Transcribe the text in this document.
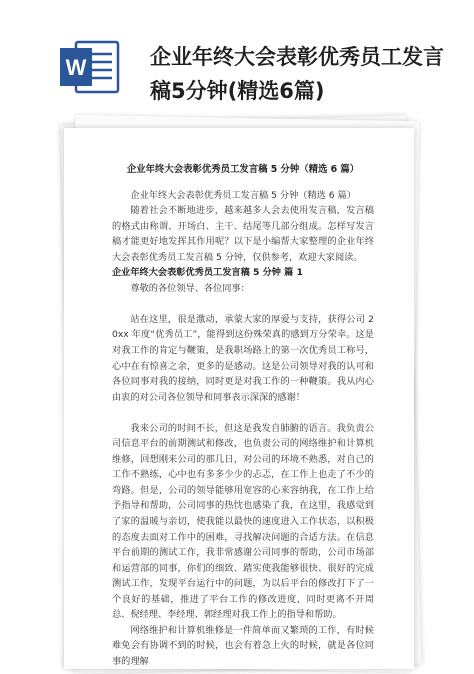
W	企业年终大会表彰优秀员工发言稿5分钟(精选6篇)
企业年终大会表彰优秀员工发言稿 5 分钟（精选 6 篇）

企业年终大会表彰优秀员工发言稿 5 分钟（精选 6 篇）

随着社会不断地进步，越来越多人会去使用发言稿，发言稿的格式由称谓、开场白、主干、结尾等几部分组成。怎样写发言稿才能更好地发挥其作用呢？以下是小编帮大家整理的企业年终大会表彰优秀员工发言稿 5 分钟，仅供参考，欢迎大家阅读。

企业年终大会表彰优秀员工发言稿 5 分钟 篇 1

尊敬的各位领导、各位同事：

站在这里，很是激动，承蒙大家的厚爱与支持，获得公司 20xx 年度“优秀员工”，能得到这份殊荣真的感到万分荣幸。这是对我工作的肯定与鞭策，是我职场路上的第一次优秀员工称号，心中在有惊喜之余，更多的是感动。这是公司领导对我的认可和各位同事对我的接纳，同时更是对我工作的一种鞭策。我从内心由衷的对公司各位领导和同事表示深深的感谢！

我来公司的时间不长，但这是我发自肺腑的语言。我负责公司信息平台的前期测试和修改，也负责公司的网络维护和计算机维修，回想刚来公司的那几日，对公司的环境不熟悉，对自己的工作不熟练，心中也有多多少少的忐忑，在工作上也走了不少的弯路。但是，公司的领导能够用宽容的心来容纳我，在工作上给予指导和帮助，公司同事的热忱也感染了我，在这里，我感觉到了家的温暖与亲切，使我能以最快的速度进入工作状态，以积极的态度去面对工作中的困难，寻找解决问题的合适方法。在信息平台前期的测试工作，我非常感谢公司同事的帮助，公司市场部和运营部的同事，你们的细致、踏实使我能够很快、很好的完成测试工作，发现平台运行中的问题，为以后平台的修改打下了一个良好的基础，推进了平台工作的修改进度，同时更离不开周总、倪经理、李经理、郭经理对我工作上的指导和帮助。

网络维护和计算机维修是一件简单而又繁琐的工作，有时候难免会有协调不到的时候，也会有着急上火的时候，就是各位同事的理解
